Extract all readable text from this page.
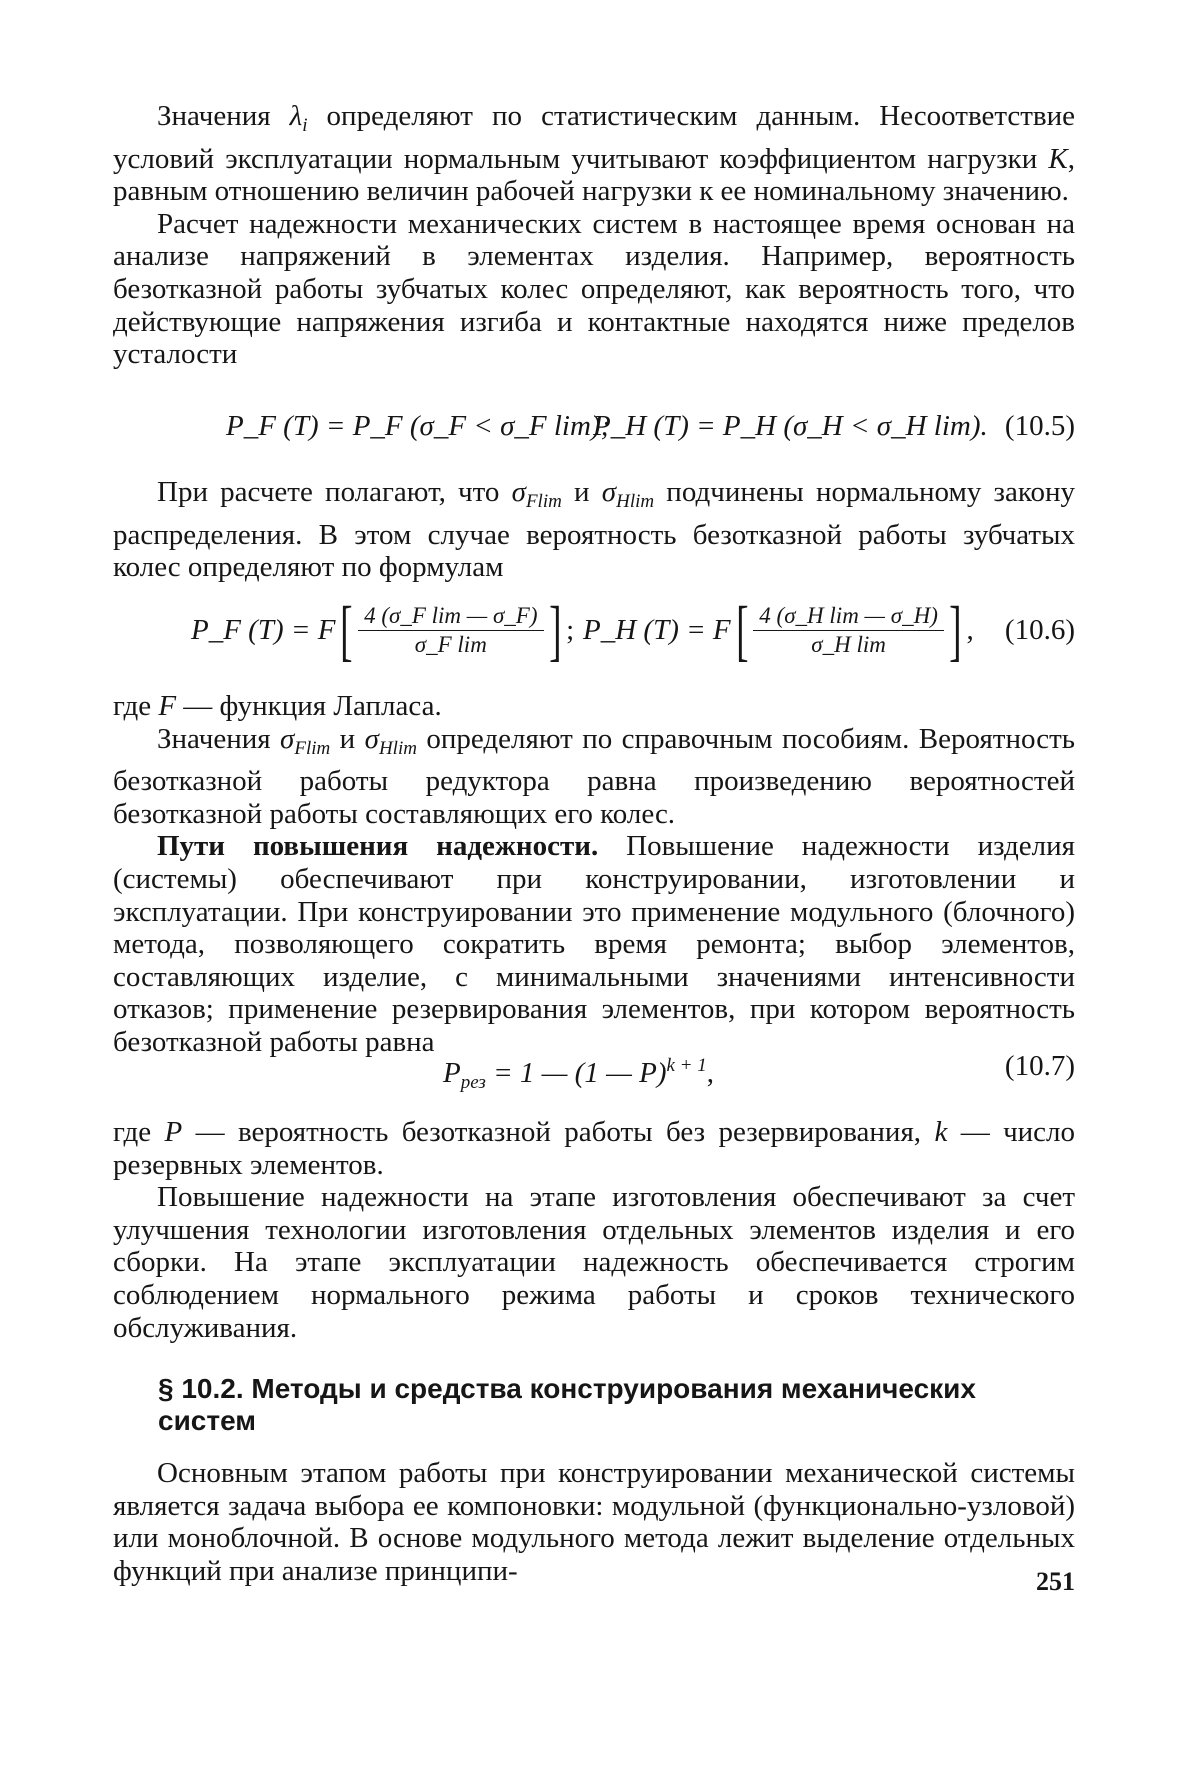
Значения $\lambda_i$ определяют по статистическим данным. Несоответствие условий эксплуатации нормальным учитывают коэффициентом нагрузки K, равным отношению величин рабочей нагрузки к ее номинальному значению.

Расчет надежности механических систем в настоящее время основан на анализе напряжений в элементах изделия. Например, вероятность безотказной работы зубчатых колес определяют, как вероятность того, что действующие напряжения изгиба и контактные находятся ниже пределов усталости

P_F (T) = P_F (σ_F < σ_F lim);
P_H (T) = P_H (σ_H < σ_H lim). (10.5)

При расчете полагают, что $\sigma_{Flim}$ и $\sigma_{Hlim}$ подчинены нормальному закону распределения. В этом случае вероятность безотказной работы зубчатых колес определяют по формулам

P_F (T) = F [ $\frac{\text{4 (σ\_F lim — σ\_F)}}{\text{σ\_F lim}}$ ] ; P_H (T) = F [ $\frac{\text{4 (σ\_H lim — σ\_H)}}{\text{σ\_H lim}}$ ] , (10.6)

где F — функция Лапласа.

Значения $\sigma_{Flim}$ и $\sigma_{Hlim}$ определяют по справочным пособиям. Вероятность безотказной работы редуктора равна произведению вероятностей безотказной работы составляющих его колес.

Пути повышения надежности. Повышение надежности изделия (системы) обеспечивают при конструировании, изготовлении и эксплуатации. При конструировании это применение модульного (блочного) метода, позволяющего сократить время ремонта; выбор элементов, составляющих изделие, с минимальными значениями интенсивности отказов; применение резервирования элементов, при котором вероятность безотказной работы равна

$P_{рез} = 1$ — (1 — P)$^{k + 1}$,	(10.7)

где P — вероятность безотказной работы без резервирования, k — число резервных элементов.

Повышение надежности на этапе изготовления обеспечивают за счет улучшения технологии изготовления отдельных элементов изделия и его сборки. На этапе эксплуатации надежность обеспечивается строгим соблюдением нормального режима работы и сроков технического обслуживания.

§ 10.2. Методы и средства конструирования механических систем

Основным этапом работы при конструировании механической системы является задача выбора ее компоновки: модульной (функционально-узловой) или моноблочной. В основе модульного метода лежит выделение отдельных функций при анализе принципи-	251
